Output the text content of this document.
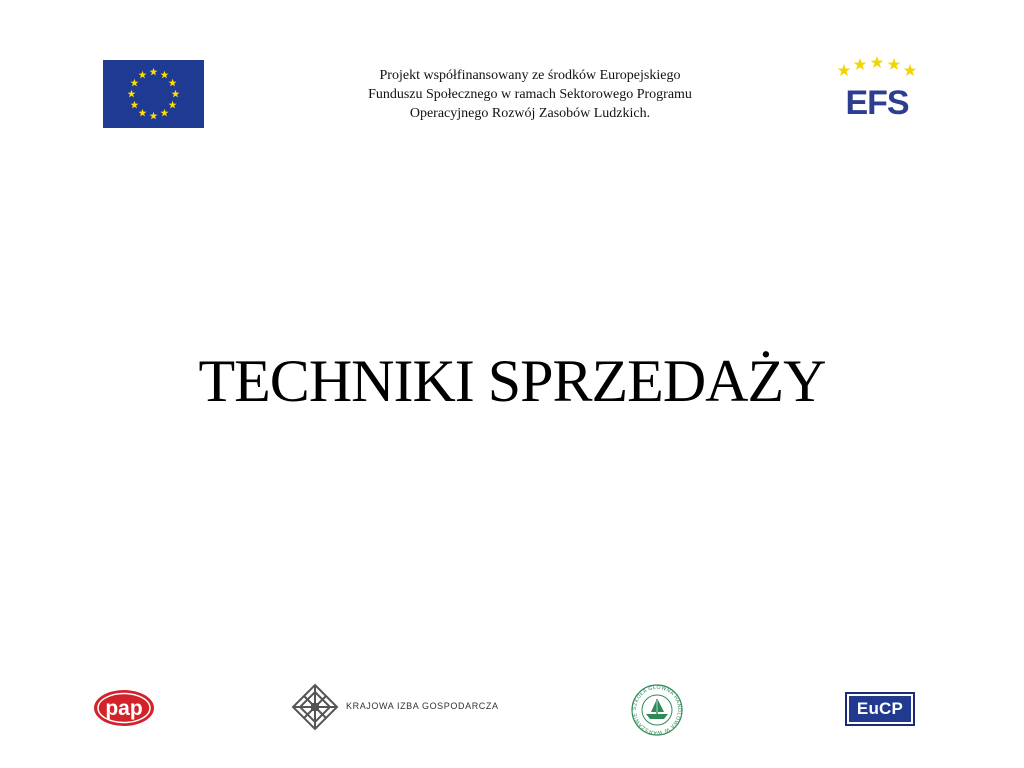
Projekt współfinansowany ze środków Europejskiego
Funduszu Społecznego w ramach Sektorowego Programu
Operacyjnego Rozwój Zasobów Ludzkich.	EFS
TECHNIKI SPRZEDAŻY
pap	KRAJOWA IZBA GOSPODARCZA	SZKOŁA GŁÓWNA HANDLOWA W WARSZAWIE	EuCP
